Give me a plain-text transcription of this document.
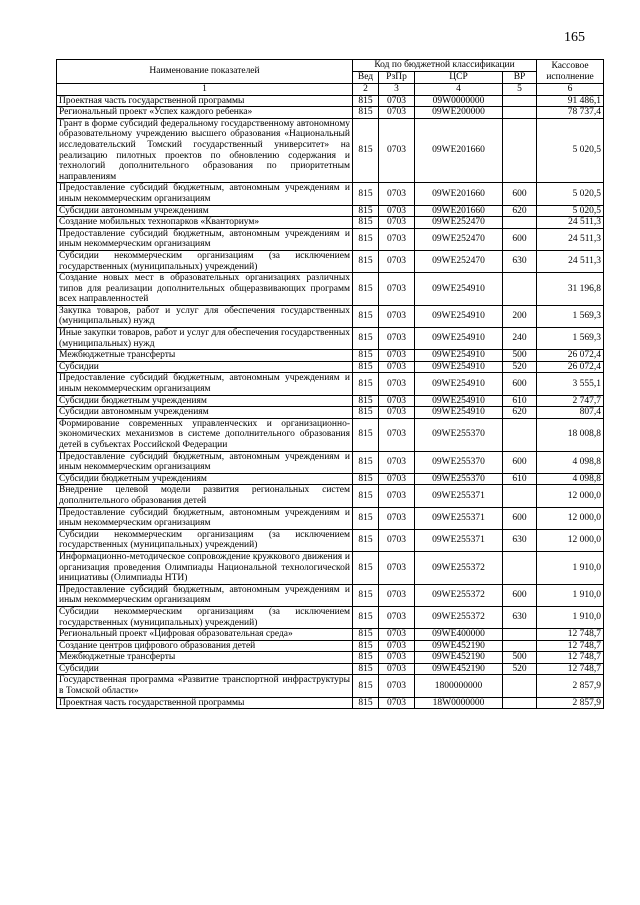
165
Наименование показателей	Код по бюджетной классификации				Кассовое исполнение
	Вед	РзПр	ЦСР	ВР	
1	2	3	4	5	6
Проектная часть государственной программы	815	0703	09W0000000		91 486,1
Региональный проект «Успех каждого ребенка»	815	0703	09WE200000		78 737,4
Грант в форме субсидий федеральному государственному автономному образовательному учреждению высшего образования «Национальный исследовательский Томский государственный университет» на реализацию пилотных проектов по обновлению содержания и технологий дополнительного образования по приоритетным направлениям	815	0703	09WE201660		5 020,5
Предоставление субсидий бюджетным, автономным учреждениям и иным некоммерческим организациям	815	0703	09WE201660	600	5 020,5
Субсидии автономным учреждениям	815	0703	09WE201660	620	5 020,5
Создание мобильных технопарков «Кванториум»	815	0703	09WE252470		24 511,3
Предоставление субсидий бюджетным, автономным учреждениям и иным некоммерческим организациям	815	0703	09WE252470	600	24 511,3
Субсидии некоммерческим организациям (за исключением государственных (муниципальных) учреждений)	815	0703	09WE252470	630	24 511,3
Создание новых мест в образовательных организациях различных типов для реализации дополнительных общеразвивающих программ всех направленностей	815	0703	09WE254910		31 196,8
Закупка товаров, работ и услуг для обеспечения государственных (муниципальных) нужд	815	0703	09WE254910	200	1 569,3
Иные закупки товаров, работ и услуг для обеспечения государственных (муниципальных) нужд	815	0703	09WE254910	240	1 569,3
Межбюджетные трансферты	815	0703	09WE254910	500	26 072,4
Субсидии	815	0703	09WE254910	520	26 072,4
Предоставление субсидий бюджетным, автономным учреждениям и иным некоммерческим организациям	815	0703	09WE254910	600	3 555,1
Субсидии бюджетным учреждениям	815	0703	09WE254910	610	2 747,7
Субсидии автономным учреждениям	815	0703	09WE254910	620	807,4
Формирование современных управленческих и организационно-экономических механизмов в системе дополнительного образования детей в субъектах Российской Федерации	815	0703	09WE255370		18 008,8
Предоставление субсидий бюджетным, автономным учреждениям и иным некоммерческим организациям	815	0703	09WE255370	600	4 098,8
Субсидии бюджетным учреждениям	815	0703	09WE255370	610	4 098,8
Внедрение целевой модели развития региональных систем дополнительного образования детей	815	0703	09WE255371		12 000,0
Предоставление субсидий бюджетным, автономным учреждениям и иным некоммерческим организациям	815	0703	09WE255371	600	12 000,0
Субсидии некоммерческим организациям (за исключением государственных (муниципальных) учреждений)	815	0703	09WE255371	630	12 000,0
Информационно-методическое сопровождение кружкового движения и организация проведения Олимпиады Национальной технологической инициативы (Олимпиады НТИ)	815	0703	09WE255372		1 910,0
Предоставление субсидий бюджетным, автономным учреждениям и иным некоммерческим организациям	815	0703	09WE255372	600	1 910,0
Субсидии некоммерческим организациям (за исключением государственных (муниципальных) учреждений)	815	0703	09WE255372	630	1 910,0
Региональный проект «Цифровая образовательная среда»	815	0703	09WE400000		12 748,7
Создание центров цифрового образования детей	815	0703	09WE452190		12 748,7
Межбюджетные трансферты	815	0703	09WE452190	500	12 748,7
Субсидии	815	0703	09WE452190	520	12 748,7
Государственная программа «Развитие транспортной инфраструктуры в Томской области»	815	0703	1800000000		2 857,9
Проектная часть государственной программы	815	0703	18W0000000		2 857,9
